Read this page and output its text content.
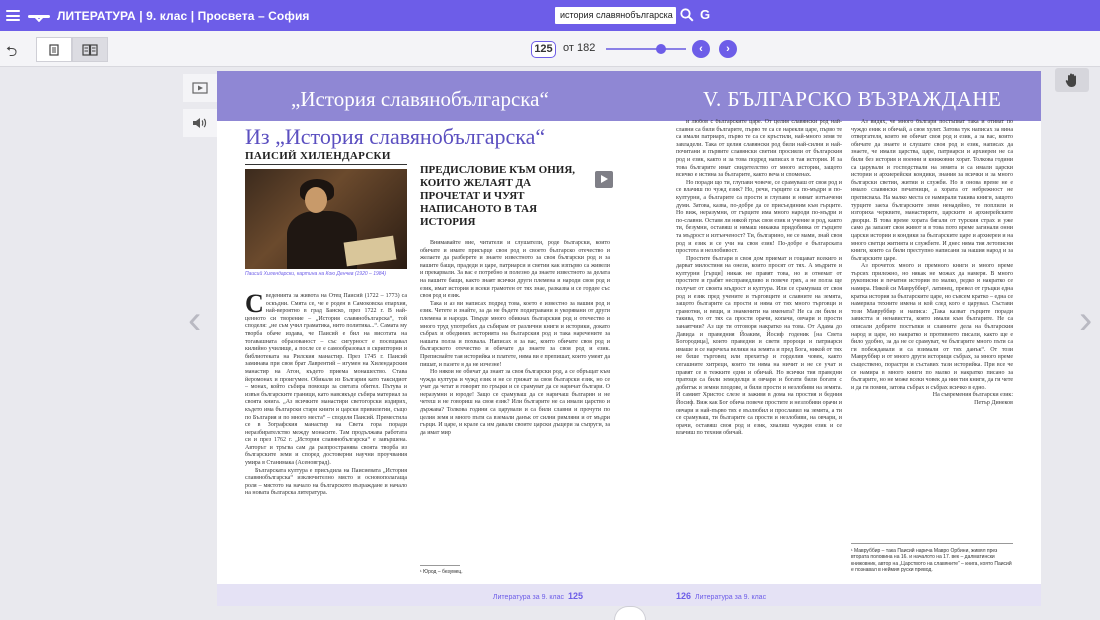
ЛИТЕРАТУРА | 9. клас | Просвета – София	история славянобългарска G
⮌	125 от 182	‹	›
‹	›
„История славянобългарска“
Из „История славянобългарска“
ПАИСИЙ ХИЛЕНДАРСКИ
Паисий Хилендарски, картина на Кою Денчев (1920 – 1984)
ПРЕДИСЛОВИЕ КЪМ ОНИЯ, КОИТО ЖЕЛАЯТ ДА ПРОЧЕТАТ И ЧУЯТ НАПИСАНОТО В ТАЯ ИСТОРИЯ
С ведeнията за живота на Отец Паисий (1722 – 1773) са оскъдни. Смята се, че е роден в Самоковска епархия, най-вероятно в град Банско, през 1722 г. В най-ценното си творение – „История славянобългарска“, той споделя: „не съм учил граматика, нито политика...“. Самата му творба обаче издава, че Паисий е бил на висотата на тогавашната образованост – със сигурност е посещавал килийно училище, а после се е самообразовал в скрипторни и библиотеката на Рилския манастир. През 1745 г. Паисий заминава при своя брат Лаврентий – игумен на Хилендарския манастир на Атон, където приема монашество. Става йеромонах и проигумен. Обикаля из България като таксидиот – монах, който събира помощи за светата обител. Пътува и извън българските граници, като навсякъде събира материал за своята книга. „Аз всичките манастири светогорски издирих, където има български стари книги и царски привилегии, също по България и по много места“ – споделя Паисий. Преместила се в Зографския манастир на Света гора поради неразбирателство между монасите. Там продължава работата си и през 1762 г. „История славянобългарска“ е завършена. Авторът и тръгва сам да разпространява своята творба из българските земи и според достоверни научни проучвания умира в Станимака (Асеновград).

Българската култура е присъдила на Паисиевата „История славянобългарска“ изключително място и основополагаща роля – мястото на начало на българското възраждане и начало на новата българска литература.

Внимавайте вие, читатели и слушатели, роде български, които обичате и имате присърце своя род и своето българско отечество и желаете да разберете и знаете известното за своя български род и за вашите бащи, прадеди и царе, патриарси и светии как изпърво са живели и прекарвали. За вас е потребно и полезно да знаете известното за делата на вашите бащи, както знаят всички други племена и народи своя род и език, имат история и всеки грамотен от тях знае, разказва и се гордее със своя род и език.

Така и аз ви написах подред това, което е известно за вашия род и език. Четете и знайте, за да не бъдете подигравани и укорявани от други племена и народи. Твърде много обикнах българския род и отечество и много труд употребих да събирам от различни книги и историки, докато събрах и обединих историята на българския род и така наречените за нашата полза и похвала. Написах я за вас, които обичате своя род и българското отечество и обичате да знаете за своя род и език. Преписвайте тая историйка и платете, няма ви е препишат, които умеят да пишат, и пазете я да не изчезне!

Но някои не обичат да знаят за своя български род, а се обръщат към чужда култура и чужд език и не се грижат за своя български език, но се учат да четат и говорят по гръцки и се срамуват да се наричат българи. О неразумни и юроде! Защо се срамуваш да се наричаш българин и не четеш и не говориш на своя език? Или българите не са имали царство и държава? Толкова години са царували и са били славни и прочути по целия земя и много пъти са вземали данък от силни римляни и от мъдри гърци. И царе, и крале са им давали своите царски дъщери за съпруги, за да имат мир

¹ Юрод – безумец.
Литература за 9. клас 125
V. БЪЛГАРСКО ВЪЗРАЖДАНЕ

и любов с българските царе. От целия славянски род най-славни са били българите, първо те са се нарекли царе, първо те са имали патриарх, първо те са се кръстили, най-много земя те завладели. Така от целия славянски род били най-силни и най-почитани и първите славянски светии просияли от българския род и език, както и за това подред написах в тая история. И за това българите имат свидетелство от много истории, защото всичко е истина за българите, както веча и споменах.

Но поради що ти, глупави човече, се срамуваш от своя род и се влачиш по чужд език? Но, речи, гърците са по-мъдри и по-културни, а българите са прости и глупави и нямат изтънчени думи. Затова, казва, по-добре да се присъединим към гърците. Но виж, неразумни, от гърците има много народи по-мъдри и по-славни. Оставя ли някой грък своя език и учение и род, както ти, безумни, оставяш и нямаш никаква придобивка от гърците та мъдрост и изтънченост? Ти, българино, не се мами, знай своя род и език и се учи на своя език! По-добре е българската простота и незлобивост.

Простите българи в своя дом приемат и гощават всекиго и дарват милостиня на онези, които просят от тях. А мъдрите и културни [гърци] никак не правят това, но и отнемат от простите и грабят несправедливо и повече грях, а не полза ще получат от своята мъдрост и култура. Или се срамуваш от своя род и език пред учените и търговците и славните на земята, защото българите са прости и няма от тях много търговци и грамотни, и вещи, и знаменити на имената? Не са ли били и такива, то от тях са прости орачи, копачи, овчари и прости занаятчии? Аз ще ти отговоря накратко на това. От Адама до Давида и праведния Йоаким, Йосиф годеник [на Света Богородица], които праведни и свети пророци и патриарси имаше и се наречеха велики на земята и пред Бога, никой от тях не беше търговец или прехитър и горделив човек, както сегашните хитреци, които ти няма на ничит и не се учат и правят се в тежките едни и обичай. Но всички тия праведни пратоци са били земеделци и овчари и богати били богати с добитък и земни плодове, и били прости и незлобиви на земята. И самият Христос слезе и заживя в дома на простия и бедния Йосиф. Виж как Бог обича повече простите и незлобиви орачи и овчари и най-първо тях е възлюбил и прославил на земята, а ти се срамуваш, ти българите са прости и незлобиви, на овчари, и орачи, оставяш своя род и език, хвалиш чуждия език и се влачиш по техния обичай.

Аз видях, че много българи постъпват така и отиват по чуждо еник и обичай, а своя хулят. Затова тук написах за вина отвергателя, които не обичат своя род и език, а за вас, които обичате да знаете и слушате своя род и език, написах да знаете, че имали царства, царе, патриарси и архиереи не са били без история и военни и книжовни хорат. Толкова години са царували и господствали на земята и са имали царски истории и архиерейски кондики, знания за всички и за много български светии, житии и служби. Но в онова време не е имало славянски печатници, а хората от небрежност не преписваха. На малко места се намирали такива книги, защото турците заеха българските земя ненадейно, те поплили и изгориха черквите, манастирите, царските и архиерейските дворци. В това време хората бягали от турския страх и уже само да запазят своя живот и в това пото време загинали онни царски истории и кондики за българските царе и архиереи и на много светци житията и службите. И днес няма тия летописни книги, които са били преступно написани за нашия народ и за българските царе.

Аз прочетох много и премного книги и много време търсих прилежно, но някак не можах да намеря. В много рукописни и печатни истории по малко, редко и накратко се намира. Някой си Мавруббир¹, латинец, превел от гръцки една кратка история за българските царе, но съвсем кратко – една се намерила техните имена и кой след кого е царувал. Състави този Мавруббир и написа: „Така казват гърците поради завистта и ненавистта, която имали към българите. Не са описали добрите постъпки и славните дела на българския народ и царе, но накратко и противното писали, както ще е било удобно, за да не се срамуват, че българите много пъти са ги побеждавали и са взимали от тях данък“. От този Мавруббир и от много други историци събрах, за много време съществено, порастри и съставих тази историйка. При все че се намира в много книги по малко и накратко писано за българите, но не може всеки човек да ния тия книги, да ги чете и да ги помни, затова събрах и събрах всичко в едно.

На съвремения български език:
Петър Динеков
¹ Мавруббир – така Паисий нарича Мавро Орбини, живял през втората половина на 16. и началото на 17. век – далматински книжовник, автор на „Царството на славяните“ – книга, която Паисий е познавал в неймия руски превод.
126 Литература за 9. клас
